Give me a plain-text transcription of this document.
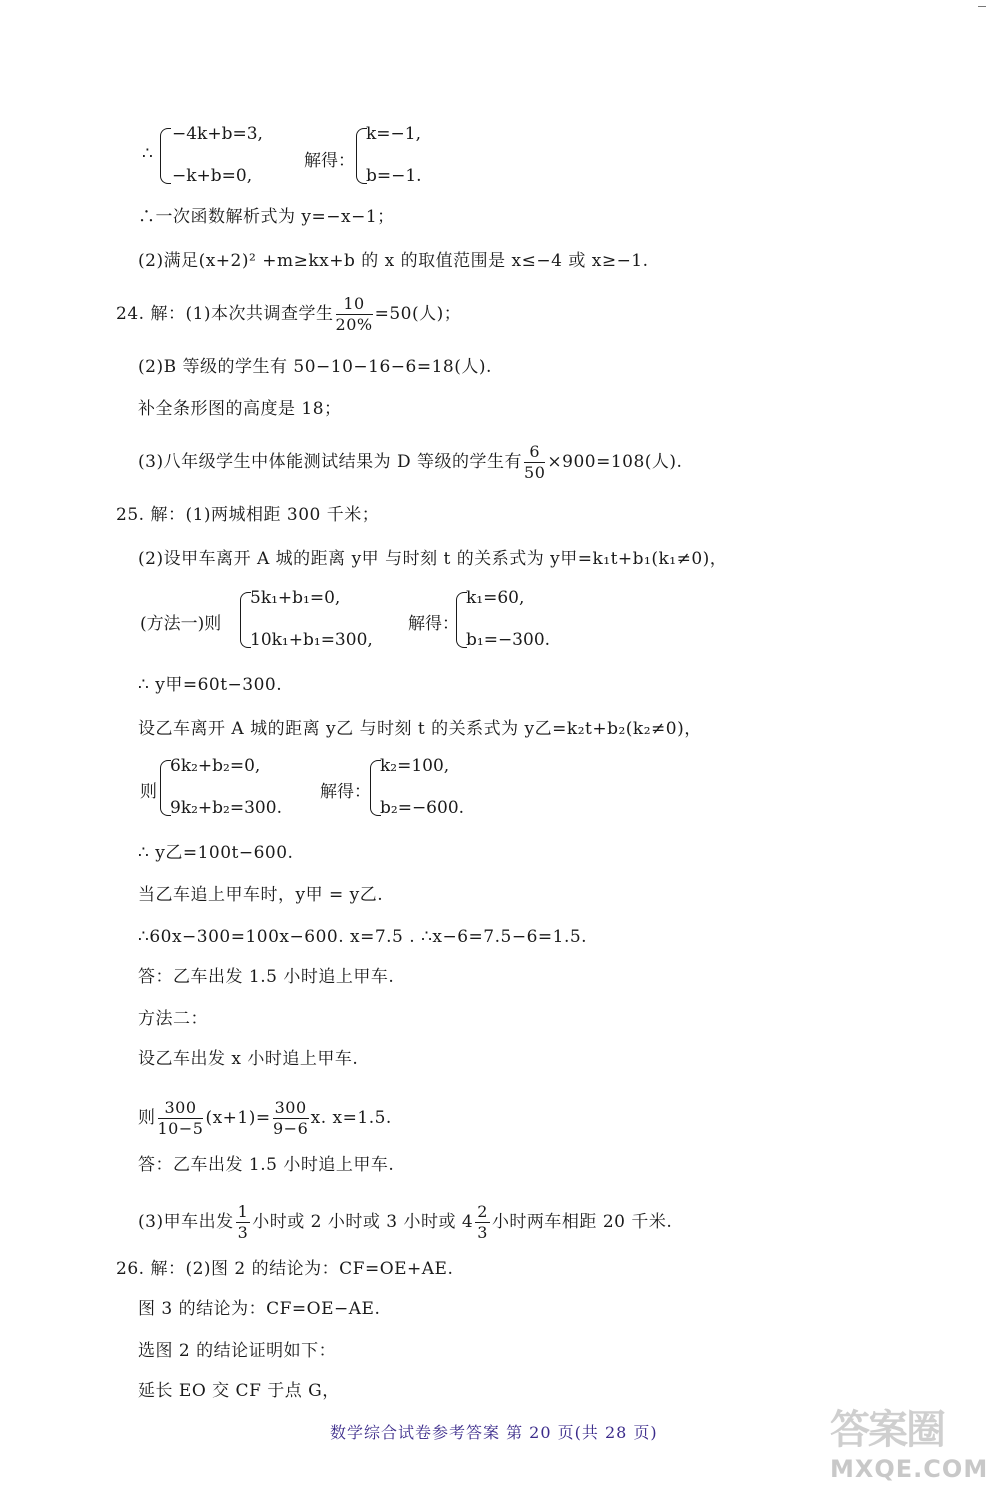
∴
−4k+b=3,
−k+b=0,
解得：
k=−1,
b=−1.
∴一次函数解析式为 y=−x−1；
(2)满足(x+2)² +m≥kx+b 的 x 的取值范围是 x≤−4 或 x≥−1.
24. 解：(1)本次共调查学生 $\frac{10}{20\%} =50$(人)；
(2)B 等级的学生有 50−10−16−6=18(人).
补全条形图的高度是 18；
(3)八年级学生中体能测试结果为 D 等级的学生有 $\frac{6}{50} \times 900=108$(人).
25. 解：(1)两城相距 300 千米；
(2)设甲车离开 A 城的距离 y甲 与时刻 t 的关系式为 y甲=k₁t+b₁(k₁≠0)，
(方法一)则
5k₁+b₁=0,
10k₁+b₁=300,
解得：
k₁=60,
b₁=−300.
∴ y甲=60t−300.
设乙车离开 A 城的距离 y乙 与时刻 t 的关系式为 y乙=k₂t+b₂(k₂≠0)，
则
6k₂+b₂=0,
9k₂+b₂=300.
解得：
k₂=100,
b₂=−600.
∴ y乙=100t−600.
当乙车追上甲车时，y甲 = y乙.
∴60x−300=100x−600. x=7.5 . ∴x−6=7.5−6=1.5.
答：乙车出发 1.5 小时追上甲车.
方法二：
设乙车出发 x 小时追上甲车.
则 $\frac{300}{10-5} (x+1)= \frac{300}{9-6} x$. x=1.5.
答：乙车出发 1.5 小时追上甲车.
(3)甲车出发 $\frac{1}{3}$ 小时或 2 小时或 3 小时或 $4 \frac{2}{3}$ 小时两车相距 20 千米.
26. 解：(2)图 2 的结论为：CF=OE+AE.
图 3 的结论为：CF=OE−AE.
选图 2 的结论证明如下：
延长 EO 交 CF 于点 G，
数学综合试卷参考答案 第 20 页(共 28 页)	答案圈
MXQE.COM
